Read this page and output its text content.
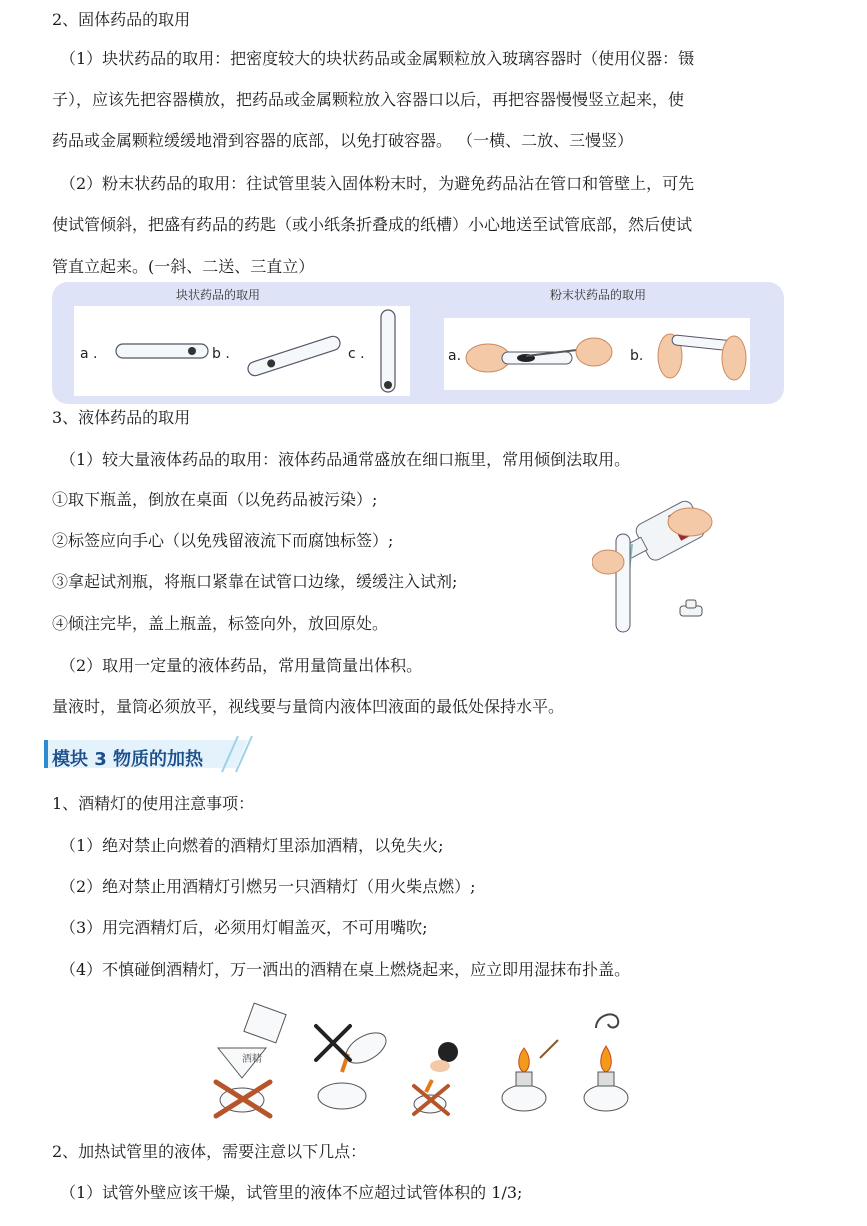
2、固体药品的取用
（1）块状药品的取用：把密度较大的块状药品或金属颗粒放入玻璃容器时（使用仪器：镊
子），应该先把容器横放，把药品或金属颗粒放入容器口以后，再把容器慢慢竖立起来，使
药品或金属颗粒缓缓地滑到容器的底部，以免打破容器。 （一横、二放、三慢竖）
（2）粉末状药品的取用：往试管里装入固体粉末时，为避免药品沾在管口和管壁上，可先
使试管倾斜，把盛有药品的药匙（或小纸条折叠成的纸槽）小心地送至试管底部，然后使试
管直立起来。(一斜、二送、三直立）
块状药品的取用	粉末状药品的取用
a .	b .	c .	a.	b.
3、液体药品的取用
（1）较大量液体药品的取用：液体药品通常盛放在细口瓶里，常用倾倒法取用。
①取下瓶盖，倒放在桌面（以免药品被污染）;
②标签应向手心（以免残留液流下而腐蚀标签）;
③拿起试剂瓶，将瓶口紧靠在试管口边缘，缓缓注入试剂;
④倾注完毕，盖上瓶盖，标签向外，放回原处。
（2）取用一定量的液体药品，常用量筒量出体积。
量液时，量筒必须放平，视线要与量筒内液体凹液面的最低处保持水平。
模块 3 物质的加热
1、酒精灯的使用注意事项：
（1）绝对禁止向燃着的酒精灯里添加酒精，以免失火;
（2）绝对禁止用酒精灯引燃另一只酒精灯（用火柴点燃）;
（3）用完酒精灯后，必须用灯帽盖灭，不可用嘴吹;
（4）不慎碰倒酒精灯，万一洒出的酒精在桌上燃烧起来，应立即用湿抹布扑盖。
酒精
2、加热试管里的液体，需要注意以下几点：
（1）试管外壁应该干燥，试管里的液体不应超过试管体积的 1/3;
